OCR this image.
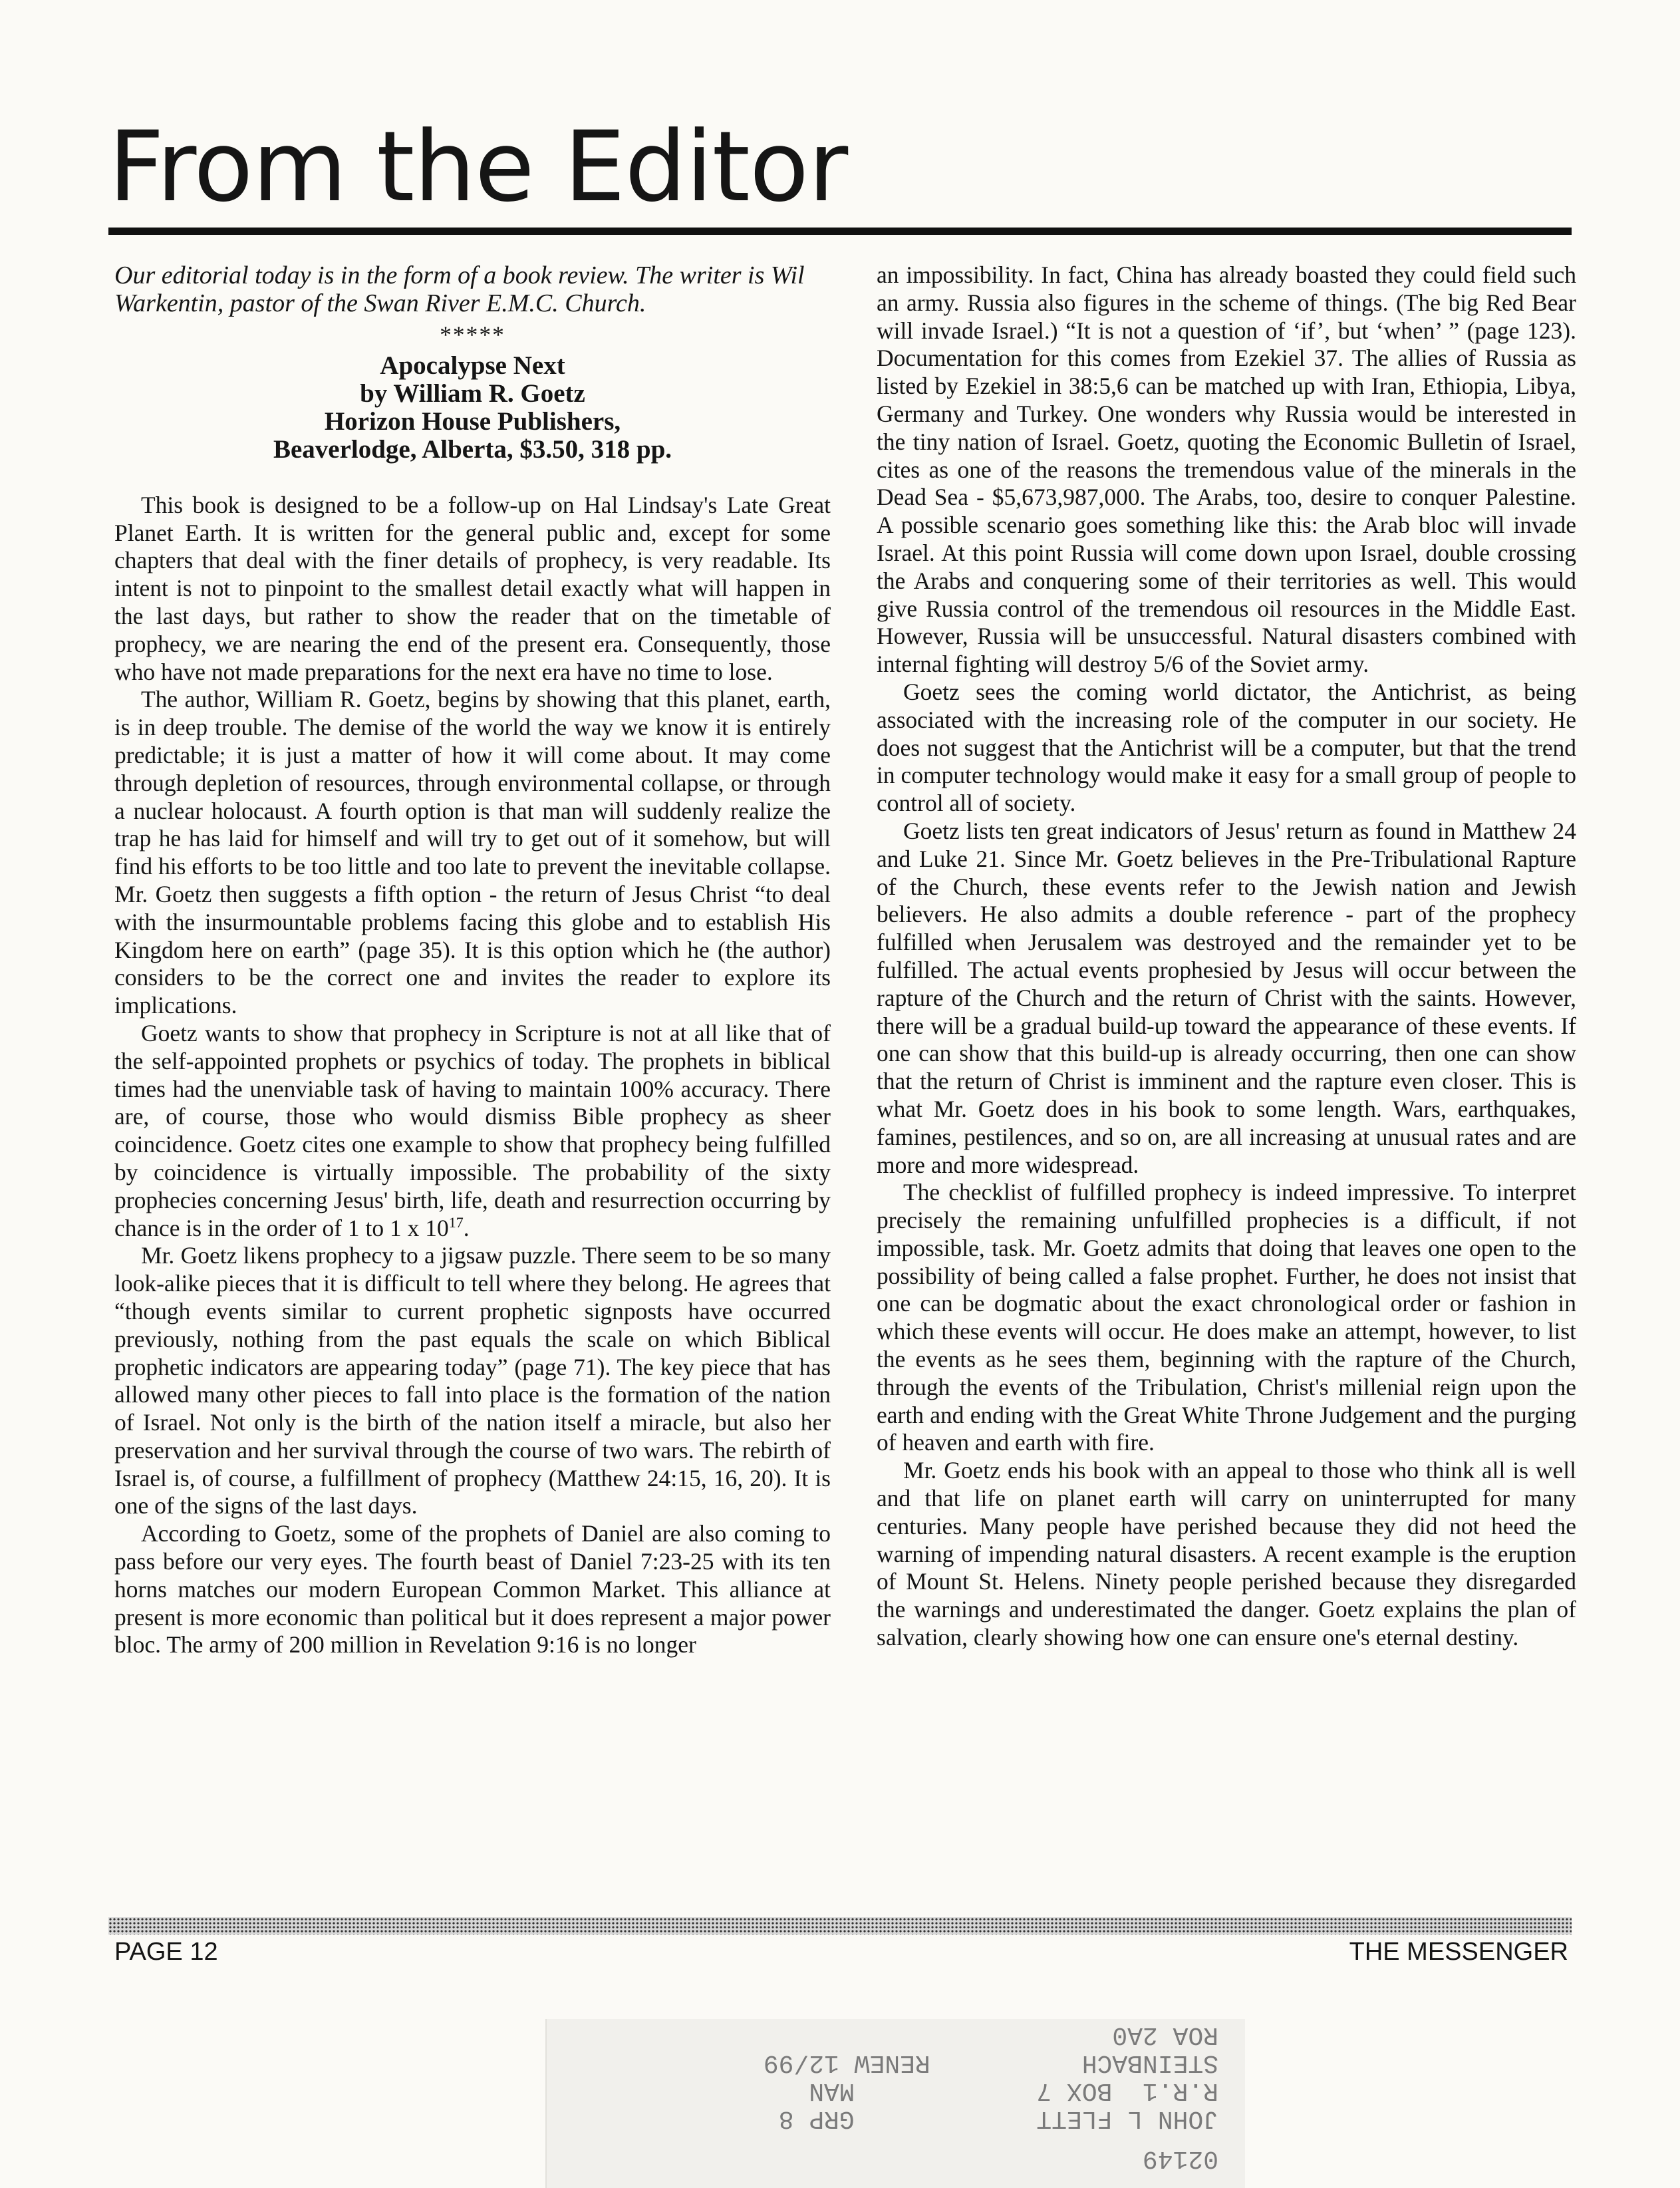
From the Editor

Our editorial today is in the form of a book review. The writer is Wil Warkentin, pastor of the Swan River E.M.C. Church.

*****
Apocalypse Next
by William R. Goetz
Horizon House Publishers,
Beaverlodge, Alberta, $3.50, 318 pp.

This book is designed to be a follow-up on Hal Lindsay's Late Great Planet Earth. It is written for the general public and, except for some chapters that deal with the finer details of prophecy, is very readable. Its intent is not to pinpoint to the smallest detail exactly what will happen in the last days, but rather to show the reader that on the timetable of prophecy, we are nearing the end of the present era. Consequently, those who have not made preparations for the next era have no time to lose.

The author, William R. Goetz, begins by showing that this planet, earth, is in deep trouble. The demise of the world the way we know it is entirely predictable; it is just a matter of how it will come about. It may come through depletion of resources, through environmental collapse, or through a nuclear holocaust. A fourth option is that man will suddenly realize the trap he has laid for himself and will try to get out of it somehow, but will find his efforts to be too little and too late to prevent the inevitable collapse. Mr. Goetz then suggests a fifth option - the return of Jesus Christ “to deal with the insurmountable problems facing this globe and to establish His Kingdom here on earth” (page 35). It is this option which he (the author) considers to be the correct one and invites the reader to explore its implications.

Goetz wants to show that prophecy in Scripture is not at all like that of the self-appointed prophets or psychics of today. The prophets in biblical times had the unenviable task of having to maintain 100% accuracy. There are, of course, those who would dismiss Bible prophecy as sheer coincidence. Goetz cites one example to show that prophecy being fulfilled by coincidence is virtually impossible. The probability of the sixty prophecies concerning Jesus' birth, life, death and resurrection occurring by chance is in the order of 1 to 1 x $10^{17}$.

Mr. Goetz likens prophecy to a jigsaw puzzle. There seem to be so many look-alike pieces that it is difficult to tell where they belong. He agrees that “though events similar to current prophetic signposts have occurred previously, nothing from the past equals the scale on which Biblical prophetic indicators are appearing today” (page 71). The key piece that has allowed many other pieces to fall into place is the formation of the nation of Israel. Not only is the birth of the nation itself a miracle, but also her preservation and her survival through the course of two wars. The rebirth of Israel is, of course, a fulfillment of prophecy (Matthew 24:15, 16, 20). It is one of the signs of the last days.

According to Goetz, some of the prophets of Daniel are also coming to pass before our very eyes. The fourth beast of Daniel 7:23-25 with its ten horns matches our modern European Common Market. This alliance at present is more economic than political but it does represent a major power bloc. The army of 200 million in Revelation 9:16 is no longer

an impossibility. In fact, China has already boasted they could field such an army. Russia also figures in the scheme of things. (The big Red Bear will invade Israel.) “It is not a question of ‘if’, but ‘when’ ” (page 123). Documentation for this comes from Ezekiel 37. The allies of Russia as listed by Ezekiel in 38:5,6 can be matched up with Iran, Ethiopia, Libya, Germany and Turkey. One wonders why Russia would be interested in the tiny nation of Israel. Goetz, quoting the Economic Bulletin of Israel, cites as one of the reasons the tremendous value of the minerals in the Dead Sea - $5,673,987,000. The Arabs, too, desire to conquer Palestine. A possible scenario goes something like this: the Arab bloc will invade Israel. At this point Russia will come down upon Israel, double crossing the Arabs and conquering some of their territories as well. This would give Russia control of the tremendous oil resources in the Middle East. However, Russia will be unsuccessful. Natural disasters combined with internal fighting will destroy 5/6 of the Soviet army.

Goetz sees the coming world dictator, the Antichrist, as being associated with the increasing role of the computer in our society. He does not suggest that the Antichrist will be a computer, but that the trend in computer technology would make it easy for a small group of people to control all of society.

Goetz lists ten great indicators of Jesus' return as found in Matthew 24 and Luke 21. Since Mr. Goetz believes in the Pre-Tribulational Rapture of the Church, these events refer to the Jewish nation and Jewish believers. He also admits a double reference - part of the prophecy fulfilled when Jerusalem was destroyed and the remainder yet to be fulfilled. The actual events prophesied by Jesus will occur between the rapture of the Church and the return of Christ with the saints. However, there will be a gradual build-up toward the appearance of these events. If one can show that this build-up is already occurring, then one can show that the return of Christ is imminent and the rapture even closer. This is what Mr. Goetz does in his book to some length. Wars, earthquakes, famines, pestilences, and so on, are all increasing at unusual rates and are more and more widespread.

The checklist of fulfilled prophecy is indeed impressive. To interpret precisely the remaining unfulfilled prophecies is a difficult, if not impossible, task. Mr. Goetz admits that doing that leaves one open to the possibility of being called a false prophet. Further, he does not insist that one can be dogmatic about the exact chronological order or fashion in which these events will occur. He does make an attempt, however, to list the events as he sees them, beginning with the rapture of the Church, through the events of the Tribulation, Christ's millenial reign upon the earth and ending with the Great White Throne Judgement and the purging of heaven and earth with fire.

Mr. Goetz ends his book with an appeal to those who think all is well and that life on planet earth will carry on uninterrupted for many centuries. Many people have perished because they did not heed the warning of impending natural disasters. A recent example is the eruption of Mount St. Helens. Ninety people perished because they disregarded the warnings and underestimated the danger. Goetz explains the plan of salvation, clearly showing how one can ensure one's eternal destiny.

PAGE 12	THE MESSENGER

02149

JOHN L FLETT            GRP 8

R.R.1  BOX 7            MAN

STEINBACH          RENEW 12/99

ROA 2A0
